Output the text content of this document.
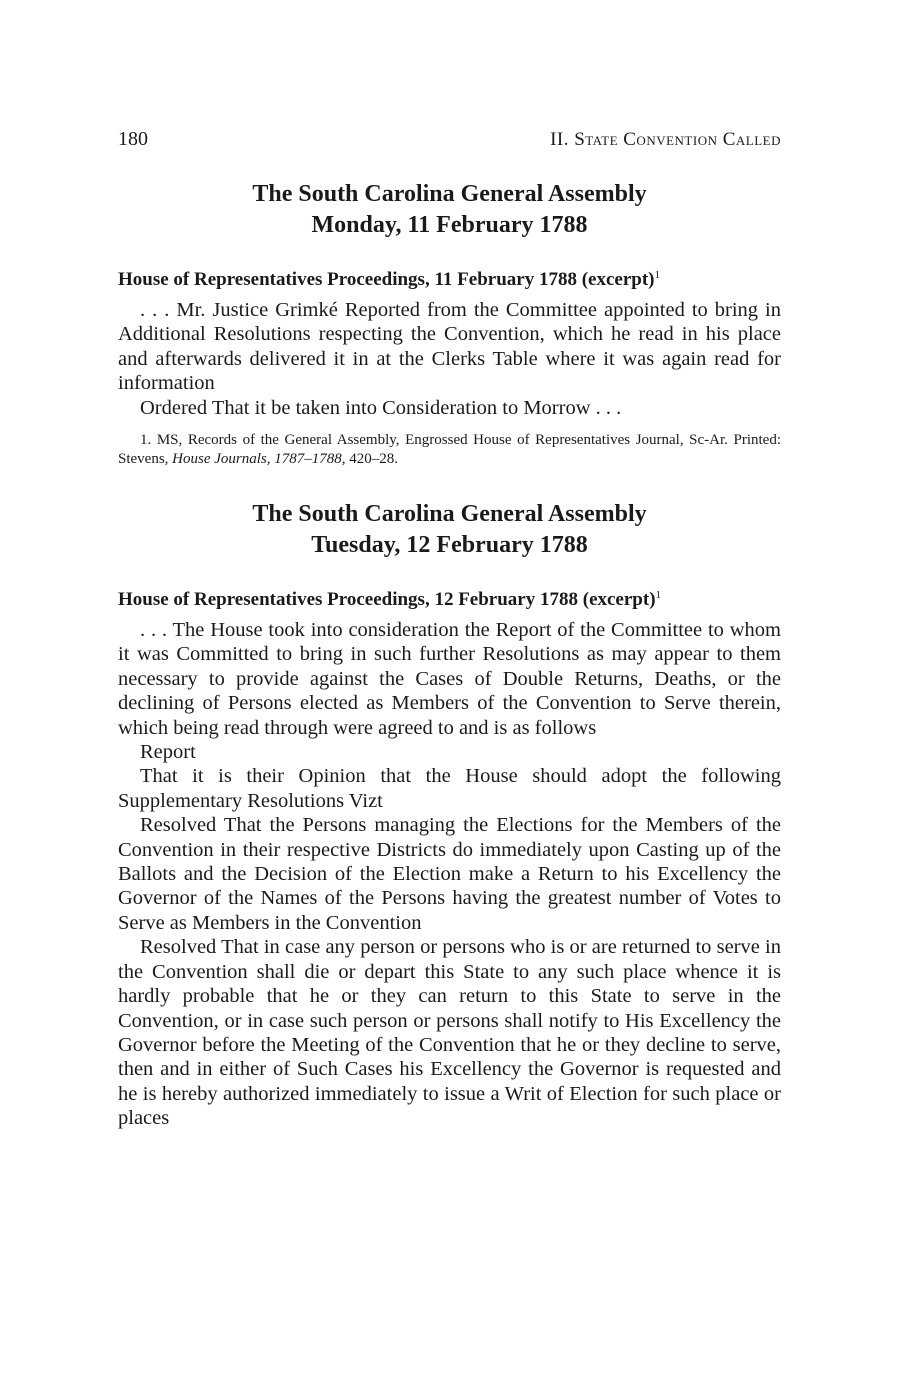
180	II. State Convention Called
The South Carolina General Assembly
Monday, 11 February 1788
House of Representatives Proceedings, 11 February 1788 (excerpt)$^1$

. . . Mr. Justice Grimké Reported from the Committee appointed to bring in Additional Resolutions respecting the Convention, which he read in his place and afterwards delivered it in at the Clerks Table where it was again read for information

Ordered That it be taken into Consideration to Morrow . . .

1. MS, Records of the General Assembly, Engrossed House of Representatives Journal, Sc-Ar. Printed: Stevens, House Journals, 1787–1788, 420–28.

The South Carolina General Assembly
Tuesday, 12 February 1788
House of Representatives Proceedings, 12 February 1788 (excerpt)$^1$

. . . The House took into consideration the Report of the Committee to whom it was Committed to bring in such further Resolutions as may appear to them necessary to provide against the Cases of Double Returns, Deaths, or the declining of Persons elected as Members of the Convention to Serve therein, which being read through were agreed to and is as follows

Report

That it is their Opinion that the House should adopt the following Supplementary Resolutions Vizt

Resolved That the Persons managing the Elections for the Members of the Convention in their respective Districts do immediately upon Casting up of the Ballots and the Decision of the Election make a Return to his Excellency the Governor of the Names of the Persons having the greatest number of Votes to Serve as Members in the Convention

Resolved That in case any person or persons who is or are returned to serve in the Convention shall die or depart this State to any such place whence it is hardly probable that he or they can return to this State to serve in the Convention, or in case such person or persons shall notify to His Excellency the Governor before the Meeting of the Convention that he or they decline to serve, then and in either of Such Cases his Excellency the Governor is requested and he is hereby authorized immediately to issue a Writ of Election for such place or places
